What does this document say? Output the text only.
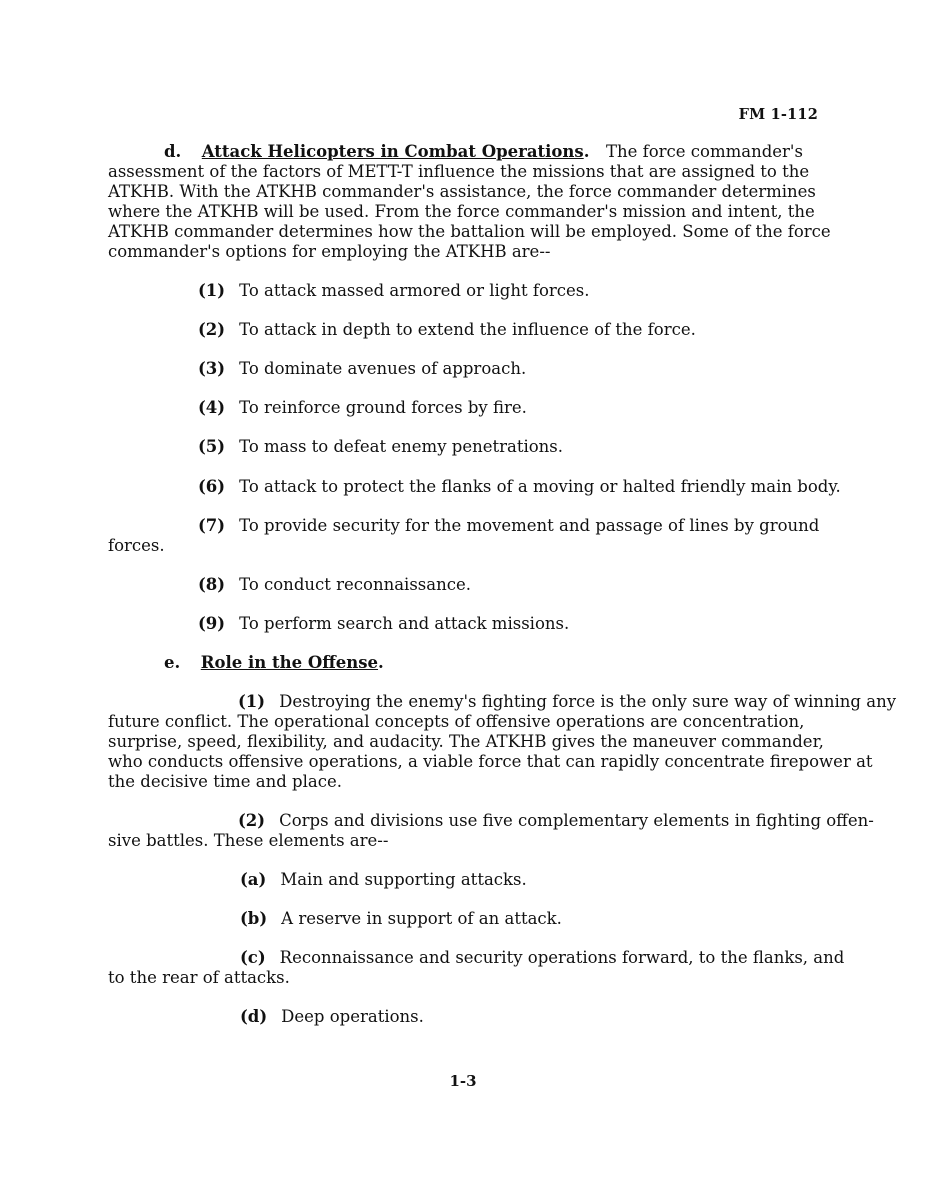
FM 1-112
d. Attack Helicopters in Combat Operations. The force commander's
assessment of the factors of METT-T influence the missions that are assigned to the
ATKHB. With the ATKHB commander's assistance, the force commander determines
where the ATKHB will be used. From the force commander's mission and intent, the
ATKHB commander determines how the battalion will be employed. Some of the force
commander's options for employing the ATKHB are--
(1) To attack massed armored or light forces.
(2) To attack in depth to extend the influence of the force.
(3) To dominate avenues of approach.
(4) To reinforce ground forces by fire.
(5) To mass to defeat enemy penetrations.
(6) To attack to protect the flanks of a moving or halted friendly main body.
(7) To provide security for the movement and passage of lines by ground
forces.
(8) To conduct reconnaissance.
(9) To perform search and attack missions.
e. Role in the Offense.
(1) Destroying the enemy's fighting force is the only sure way of winning any
future conflict. The operational concepts of offensive operations are concentration,
surprise, speed, flexibility, and audacity. The ATKHB gives the maneuver commander,
who conducts offensive operations, a viable force that can rapidly concentrate firepower at
the decisive time and place.
(2) Corps and divisions use five complementary elements in fighting offen-
sive battles. These elements are--
(a) Main and supporting attacks.
(b) A reserve in support of an attack.
(c) Reconnaissance and security operations forward, to the flanks, and
to the rear of attacks.
(d) Deep operations.
1-3
